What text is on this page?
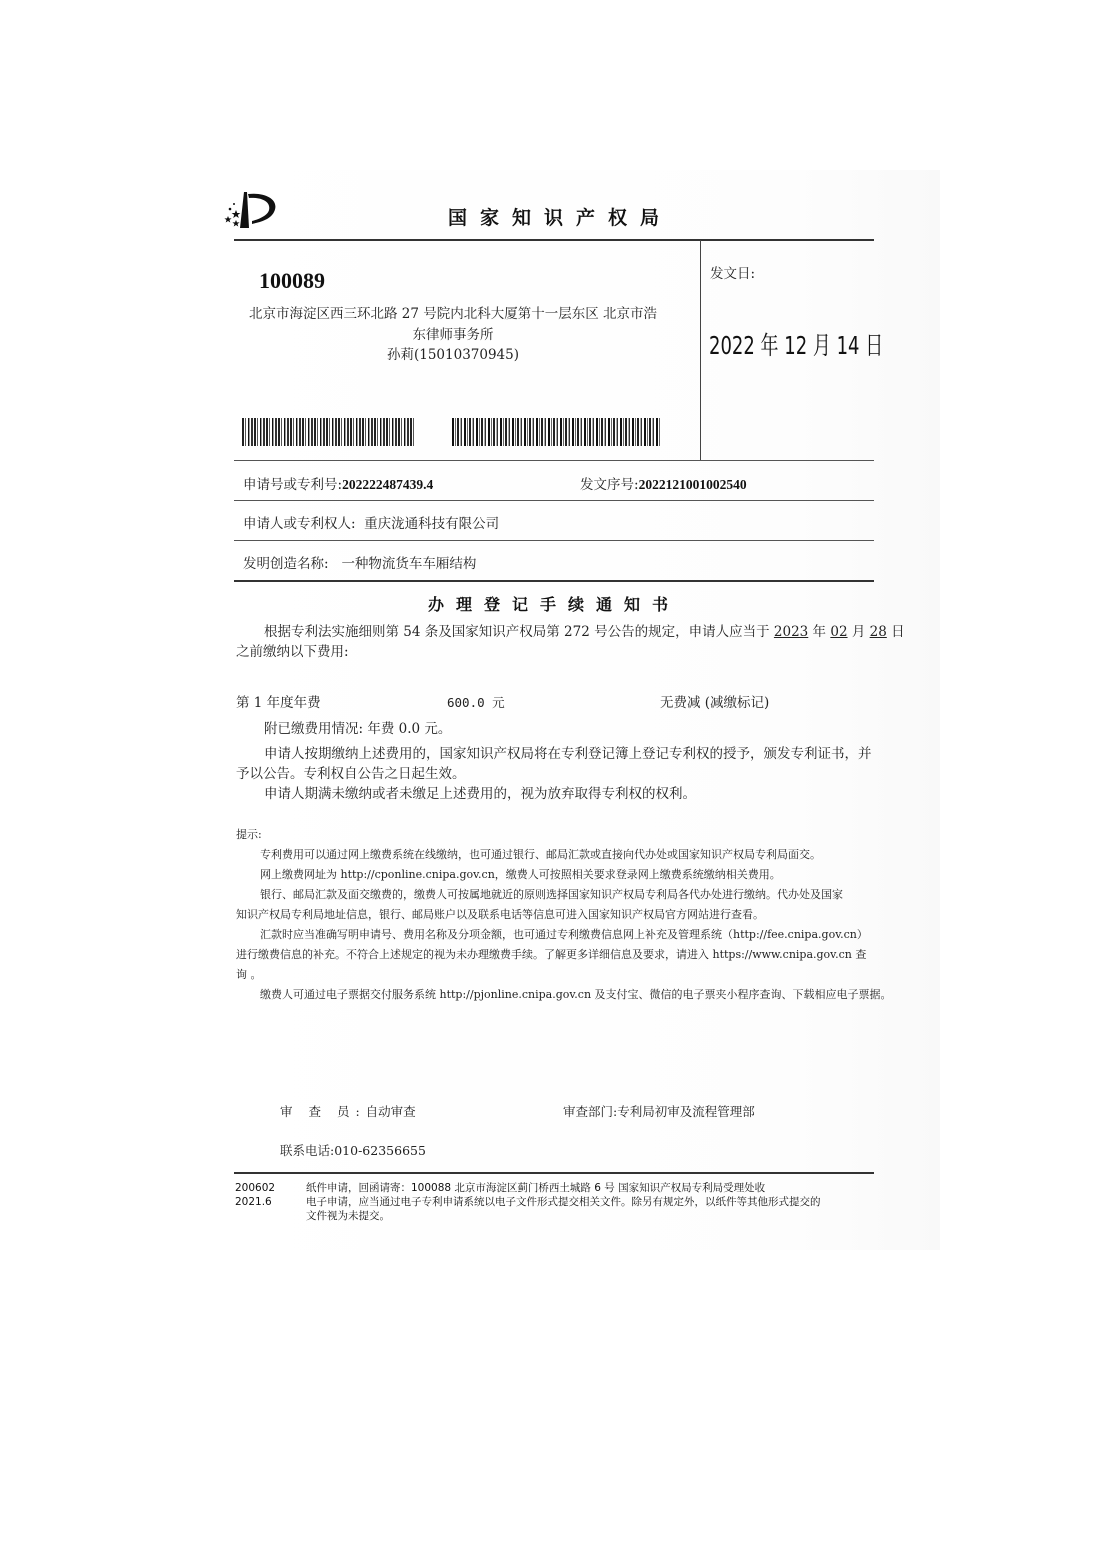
国家知识产权局
100089
北京市海淀区西三环北路 27 号院内北科大厦第十一层东区 北京市浩
东律师事务所
孙莉(15010370945)
发文日:
2022 年 12 月 14 日
申请号或专利号:202222487439.4	发文序号:2022121001002540
申请人或专利权人: 重庆泷通科技有限公司
发明创造名称: 一种物流货车车厢结构
办理登记手续通知书
根据专利法实施细则第 54 条及国家知识产权局第 272 号公告的规定，申请人应当于 2023 年 02 月 28 日
之前缴纳以下费用:
第 1 年度年费	600.0 元	无费减 (减缴标记)
附已缴费用情况: 年费 0.0 元。
申请人按期缴纳上述费用的，国家知识产权局将在专利登记簿上登记专利权的授予，颁发专利证书，并
予以公告。专利权自公告之日起生效。
申请人期满未缴纳或者未缴足上述费用的，视为放弃取得专利权的权利。
提示:
专利费用可以通过网上缴费系统在线缴纳，也可通过银行、邮局汇款或直接向代办处或国家知识产权局专利局面交。
网上缴费网址为 http://cponline.cnipa.gov.cn，缴费人可按照相关要求登录网上缴费系统缴纳相关费用。
银行、邮局汇款及面交缴费的，缴费人可按属地就近的原则选择国家知识产权局专利局各代办处进行缴纳。代办处及国家
知识产权局专利局地址信息，银行、邮局账户以及联系电话等信息可进入国家知识产权局官方网站进行查看。
汇款时应当准确写明申请号、费用名称及分项金额，也可通过专利缴费信息网上补充及管理系统（http://fee.cnipa.gov.cn）
进行缴费信息的补充。不符合上述规定的视为未办理缴费手续。了解更多详细信息及要求，请进入 https://www.cnipa.gov.cn 查
询 。
缴费人可通过电子票据交付服务系统 http://pjonline.cnipa.gov.cn 及支付宝、微信的电子票夹小程序查询、下载相应电子票据。
审 查 员:自动审查	审查部门:专利局初审及流程管理部
联系电话:010-62356655
200602
2021.6
纸件申请，回函请寄：100088 北京市海淀区蓟门桥西土城路 6 号 国家知识产权局专利局受理处收
电子申请，应当通过电子专利申请系统以电子文件形式提交相关文件。除另有规定外，以纸件等其他形式提交的
文件视为未提交。
